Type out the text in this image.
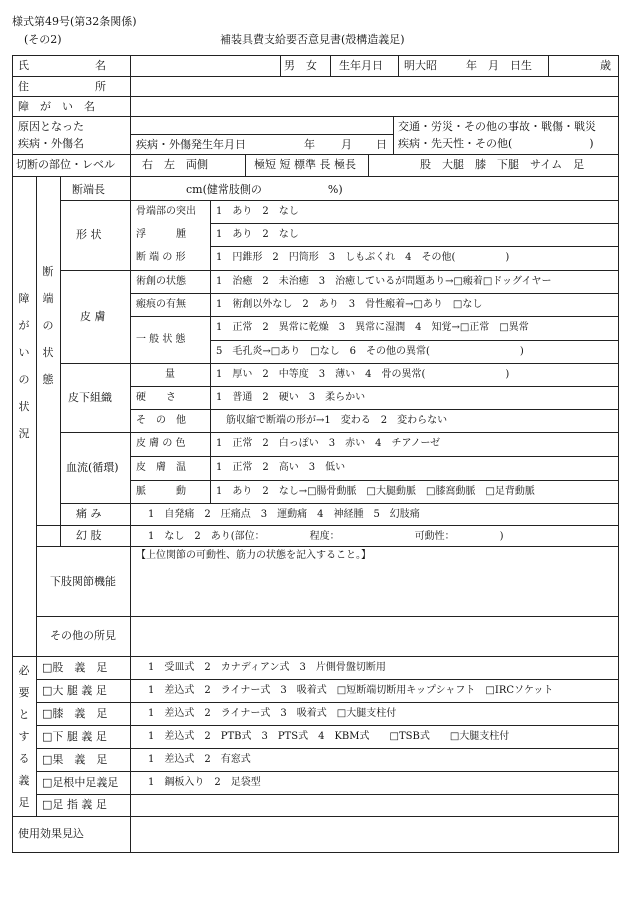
様式第49号(第32条関係)
(その2)	補装具費支給要否意見書(殻構造義足)
氏　　　　　　名	男　女 生年月日 明大昭	年　月　日生	歳
住　　　　　　所
障　が　い　名
原因となった
疾病・外傷名	疾病・外傷発生年月日	年 月 日
交通・労災・その他の事故・戦傷・戦災
疾病・先天性・その他(　　　　　　　)
切断の部位・レベル 右　左　両側	極短 短 標準 長 極長	股　大腿　膝　下腿　サイム　足
障がいの状況
断端の状態
断端長	cm(健常肢側の　　　　　　%)
形 状
骨端部の突出 1　あり　2　なし
浮　　　腫	1　あり　2　なし
断 端 の 形	1　円錐形　2　円筒形　3　しもぶくれ　4　その他(　　　　　)
皮 膚
術創の状態	1　治癒　2　未治癒　3　治癒しているが問題あり→□瘢着□ドッグイヤー
瘢痕の有無	1　術創以外なし　2　あり　3　骨性瘢着→□あり　□なし
一 般 状 態
1　正常　2　異常に乾燥　3　異常に湿潤　4　知覚→□正常　□異常
5　毛孔炎→□あり　□なし　6　その他の異常(　　　　　　　　　)
皮下組織
量	1　厚い　2　中等度　3　薄い　4　骨の異常(　　　　　　　　)
硬　　さ	1　普通　2　硬い　3　柔らかい
そ　の　他	筋収縮で断端の形が→1　変わる　2　変わらない
血流(循環)
皮 膚 の 色	1　正常　2　白っぽい　3　赤い　4　チアノーゼ
皮　膚　温	1　正常　2　高い　3　低い
脈　　　動	1　あり　2　なし→□腸骨動脈　□大腿動脈　□膝窩動脈　□足背動脈
痛 み	1　自発痛　2　圧痛点　3　運動痛　4　神経腫　5　幻肢痛
幻 肢	1　なし　2　あり(部位：　　　　　程度：　　　　　　　　可動性：　　　　　)
下肢関節機能
【上位関節の可動性、筋力の状態を記入すること。】
その他の所見
必要とする義足
□股　義　足	1　受皿式　2　カナディアン式　3　片側骨盤切断用
□大 腿 義 足	1　差込式　2　ライナー式　3　吸着式　□短断端切断用キップシャフト　□IRCソケット
□膝　義　足	1　差込式　2　ライナー式　3　吸着式　□大腿支柱付
□下 腿 義 足	1　差込式　2　PTB式　3　PTS式　4　KBM式　　□TSB式　　□大腿支柱付
□果　義　足	1　差込式　2　有窓式
□足根中足義足	1　鋼板入り　2　足袋型
□足 指 義 足
使用効果見込
